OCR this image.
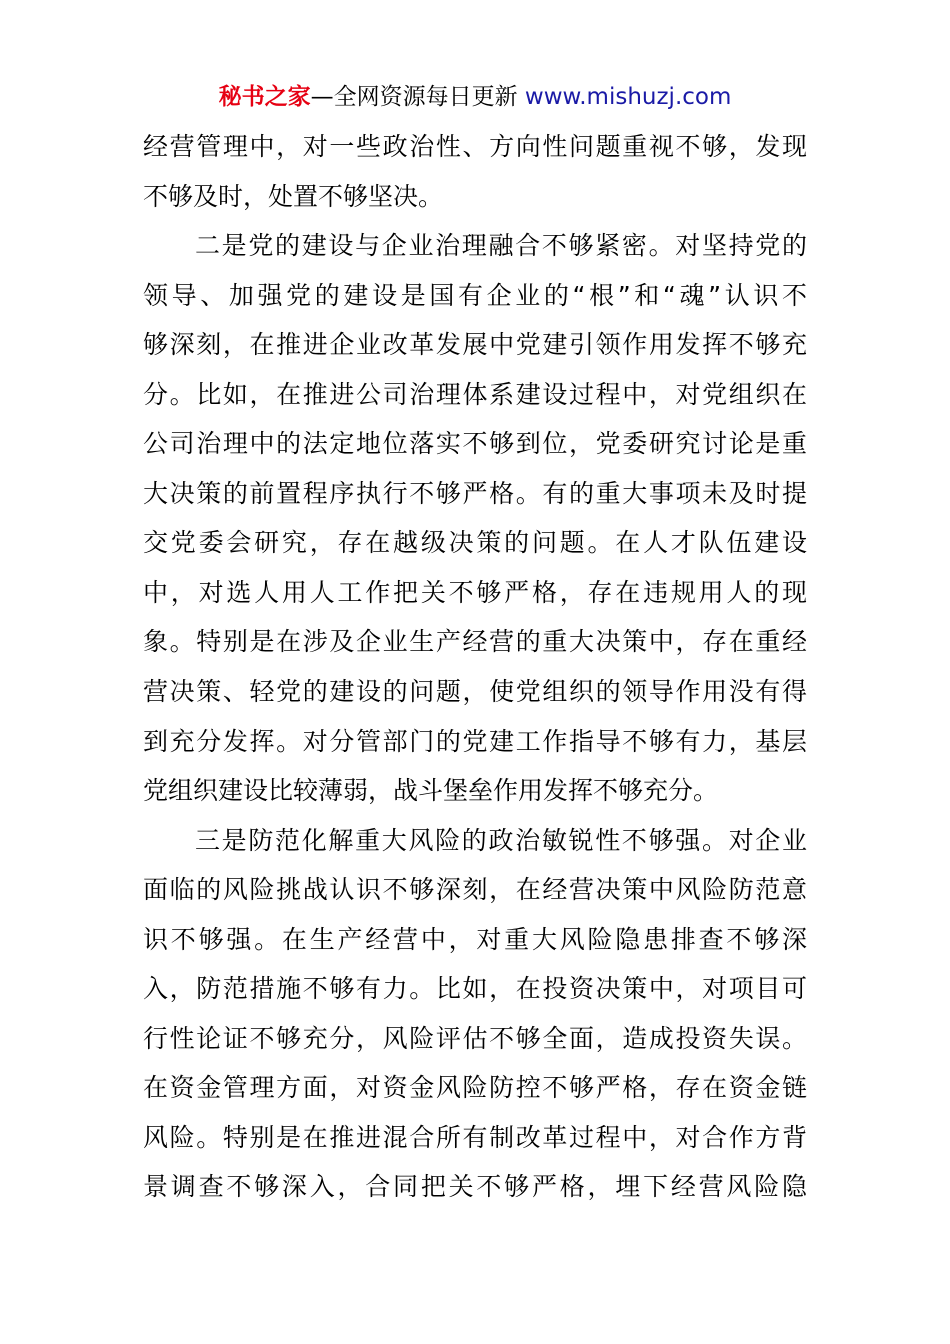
秘书之家—全网资源每日更新 www.mishuzj.com
经营管理中，对一些政治性、方向性问题重视不够，发现
不够及时，处置不够坚决。
二是党的建设与企业治理融合不够紧密。对坚持党的
领导、加强党的建设是国有企业的“根”和“魂”认识不
够深刻，在推进企业改革发展中党建引领作用发挥不够充
分。比如，在推进公司治理体系建设过程中，对党组织在
公司治理中的法定地位落实不够到位，党委研究讨论是重
大决策的前置程序执行不够严格。有的重大事项未及时提
交党委会研究，存在越级决策的问题。在人才队伍建设
中，对选人用人工作把关不够严格，存在违规用人的现
象。特别是在涉及企业生产经营的重大决策中，存在重经
营决策、轻党的建设的问题，使党组织的领导作用没有得
到充分发挥。对分管部门的党建工作指导不够有力，基层
党组织建设比较薄弱，战斗堡垒作用发挥不够充分。
三是防范化解重大风险的政治敏锐性不够强。对企业
面临的风险挑战认识不够深刻，在经营决策中风险防范意
识不够强。在生产经营中，对重大风险隐患排查不够深
入，防范措施不够有力。比如，在投资决策中，对项目可
行性论证不够充分，风险评估不够全面，造成投资失误。
在资金管理方面，对资金风险防控不够严格，存在资金链
风险。特别是在推进混合所有制改革过程中，对合作方背
景调查不够深入，合同把关不够严格，埋下经营风险隐
